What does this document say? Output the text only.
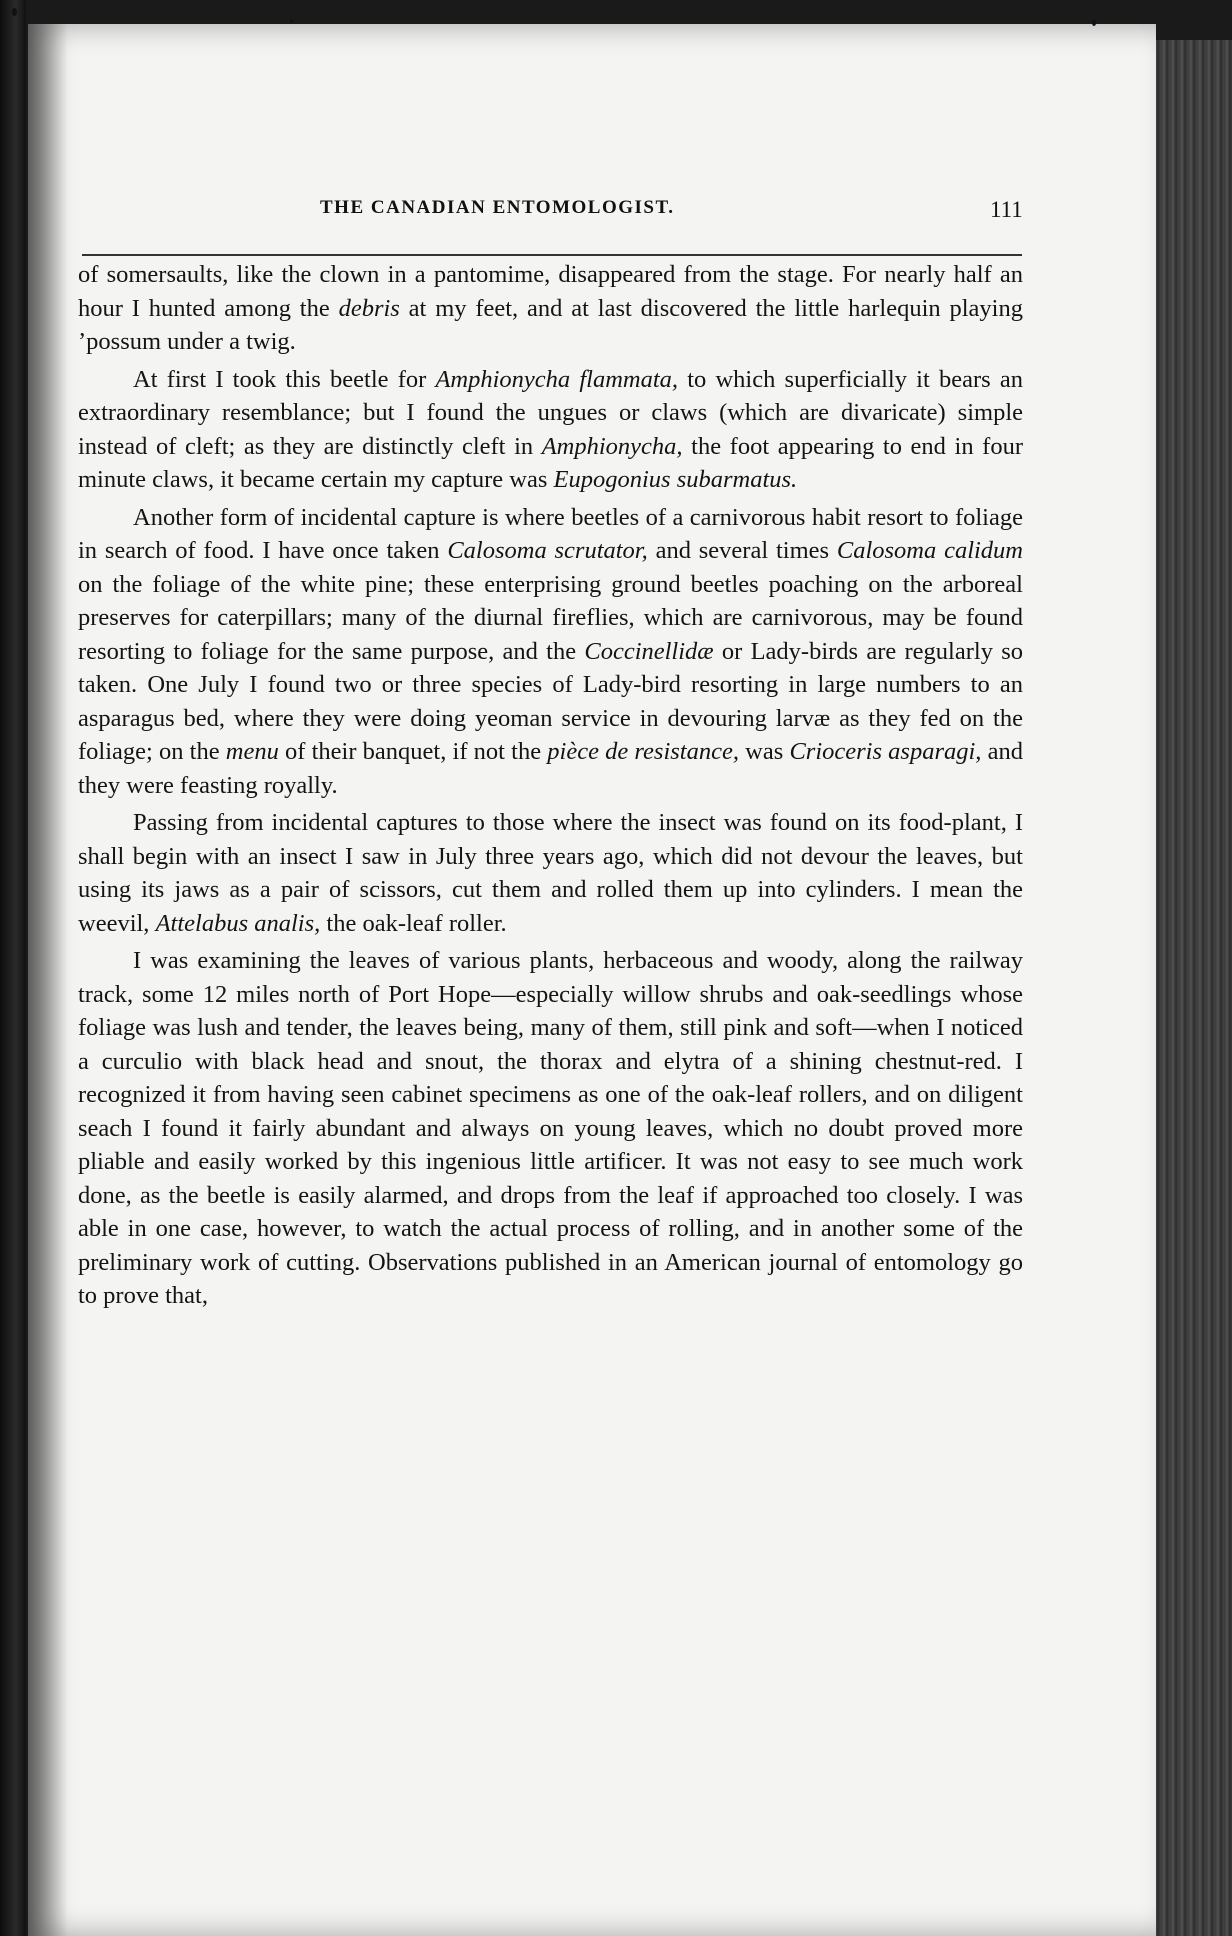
THE CANADIAN ENTOMOLOGIST.	111

of somersaults, like the clown in a pantomime, disappeared from the stage. For nearly half an hour I hunted among the debris at my feet, and at last discovered the little harlequin playing ’possum under a twig.

At first I took this beetle for Amphionycha flammata, to which superficially it bears an extraordinary resemblance; but I found the ungues or claws (which are divaricate) simple instead of cleft; as they are distinctly cleft in Amphionycha, the foot appearing to end in four minute claws, it became certain my capture was Eupogonius subarmatus.

Another form of incidental capture is where beetles of a carnivorous habit resort to foliage in search of food. I have once taken Calosoma scrutator, and several times Calosoma calidum on the foliage of the white pine; these enterprising ground beetles poaching on the arboreal preserves for caterpillars; many of the diurnal fireflies, which are carnivorous, may be found resorting to foliage for the same purpose, and the Coccinellidæ or Lady-birds are regularly so taken. One July I found two or three species of Lady-bird resorting in large numbers to an asparagus bed, where they were doing yeoman service in devouring larvæ as they fed on the foliage; on the menu of their banquet, if not the pièce de resistance, was Crioceris asparagi, and they were feasting royally.

Passing from incidental captures to those where the insect was found on its food-plant, I shall begin with an insect I saw in July three years ago, which did not devour the leaves, but using its jaws as a pair of scissors, cut them and rolled them up into cylinders. I mean the weevil, Attelabus analis, the oak-leaf roller.

I was examining the leaves of various plants, herbaceous and woody, along the railway track, some 12 miles north of Port Hope—especially willow shrubs and oak-seedlings whose foliage was lush and tender, the leaves being, many of them, still pink and soft—when I noticed a curculio with black head and snout, the thorax and elytra of a shining chestnut-red. I recognized it from having seen cabinet specimens as one of the oak-leaf rollers, and on diligent seach I found it fairly abundant and always on young leaves, which no doubt proved more pliable and easily worked by this ingenious little artificer. It was not easy to see much work done, as the beetle is easily alarmed, and drops from the leaf if approached too closely. I was able in one case, however, to watch the actual process of rolling, and in another some of the preliminary work of cutting. Observations published in an American journal of entomology go to prove that,
